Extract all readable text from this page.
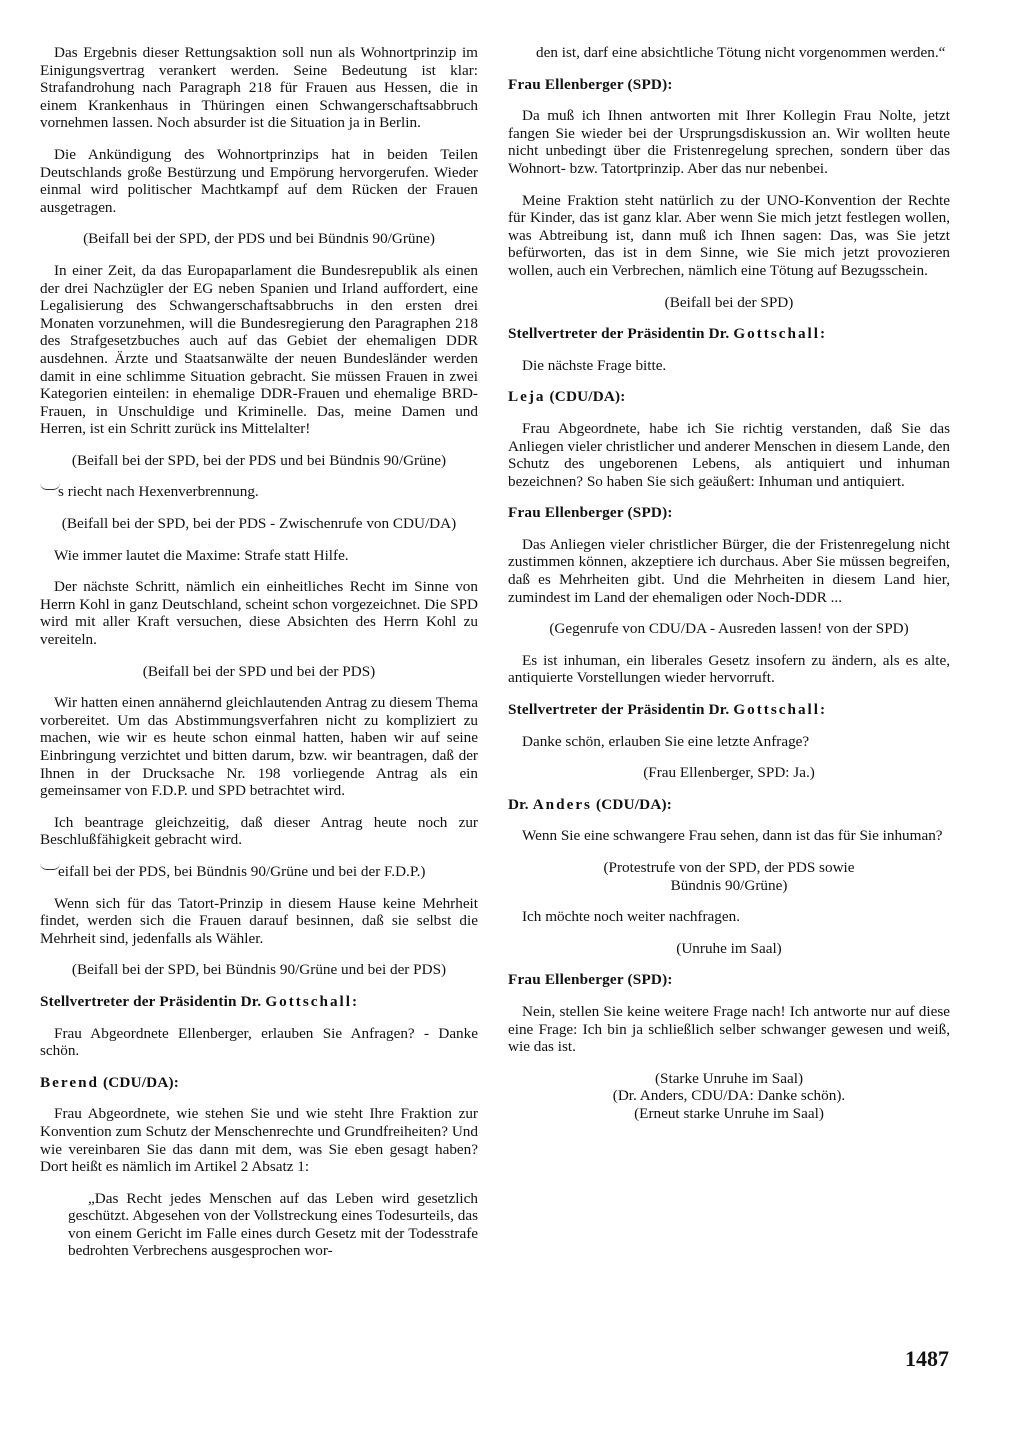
Das Ergebnis dieser Rettungsaktion soll nun als Wohnortprinzip im Einigungsvertrag verankert werden. Seine Bedeutung ist klar: Strafandrohung nach Paragraph 218 für Frauen aus Hessen, die in einem Krankenhaus in Thüringen einen Schwangerschaftsabbruch vornehmen lassen. Noch absurder ist die Situation ja in Berlin.

Die Ankündigung des Wohnortprinzips hat in beiden Teilen Deutschlands große Bestürzung und Empörung hervorgerufen. Wieder einmal wird politischer Machtkampf auf dem Rücken der Frauen ausgetragen.

(Beifall bei der SPD, der PDS und bei Bündnis 90/Grüne)

In einer Zeit, da das Europaparlament die Bundesrepublik als einen der drei Nachzügler der EG neben Spanien und Irland auffordert, eine Legalisierung des Schwangerschaftsabbruchs in den ersten drei Monaten vorzunehmen, will die Bundesregierung den Paragraphen 218 des Strafgesetzbuches auch auf das Gebiet der ehemaligen DDR ausdehnen. Ärzte und Staatsanwälte der neuen Bundesländer werden damit in eine schlimme Situation gebracht. Sie müssen Frauen in zwei Kategorien einteilen: in ehemalige DDR-Frauen und ehemalige BRD-Frauen, in Unschuldige und Kriminelle. Das, meine Damen und Herren, ist ein Schritt zurück ins Mittelalter!

(Beifall bei der SPD, bei der PDS und bei Bündnis 90/Grüne)

s riecht nach Hexenverbrennung.

(Beifall bei der SPD, bei der PDS - Zwischenrufe von CDU/DA)

Wie immer lautet die Maxime: Strafe statt Hilfe.

Der nächste Schritt, nämlich ein einheitliches Recht im Sinne von Herrn Kohl in ganz Deutschland, scheint schon vorgezeichnet. Die SPD wird mit aller Kraft versuchen, diese Absichten des Herrn Kohl zu vereiteln.

(Beifall bei der SPD und bei der PDS)

Wir hatten einen annähernd gleichlautenden Antrag zu diesem Thema vorbereitet. Um das Abstimmungsverfahren nicht zu kompliziert zu machen, wie wir es heute schon einmal hatten, haben wir auf seine Einbringung verzichtet und bitten darum, bzw. wir beantragen, daß der Ihnen in der Drucksache Nr. 198 vorliegende Antrag als ein gemeinsamer von F.D.P. und SPD betrachtet wird.

Ich beantrage gleichzeitig, daß dieser Antrag heute noch zur Beschlußfähigkeit gebracht wird.

eifall bei der PDS, bei Bündnis 90/Grüne und bei der F.D.P.)

Wenn sich für das Tatort-Prinzip in diesem Hause keine Mehrheit findet, werden sich die Frauen darauf besinnen, daß sie selbst die Mehrheit sind, jedenfalls als Wähler.

(Beifall bei der SPD, bei Bündnis 90/Grüne und bei der PDS)

Stellvertreter der Präsidentin Dr. Gottschall:

Frau Abgeordnete Ellenberger, erlauben Sie Anfragen? - Danke schön.

Berend (CDU/DA):

Frau Abgeordnete, wie stehen Sie und wie steht Ihre Fraktion zur Konvention zum Schutz der Menschenrechte und Grundfreiheiten? Und wie vereinbaren Sie das dann mit dem, was Sie eben gesagt haben? Dort heißt es nämlich im Artikel 2 Absatz 1:

„Das Recht jedes Menschen auf das Leben wird gesetzlich geschützt. Abgesehen von der Vollstreckung eines Todesurteils, das von einem Gericht im Falle eines durch Gesetz mit der Todesstrafe bedrohten Verbrechens ausgesprochen wor-

den ist, darf eine absichtliche Tötung nicht vorgenommen werden.“

Frau Ellenberger (SPD):

Da muß ich Ihnen antworten mit Ihrer Kollegin Frau Nolte, jetzt fangen Sie wieder bei der Ursprungsdiskussion an. Wir wollten heute nicht unbedingt über die Fristenregelung sprechen, sondern über das Wohnort- bzw. Tatortprinzip. Aber das nur nebenbei.

Meine Fraktion steht natürlich zu der UNO-Konvention der Rechte für Kinder, das ist ganz klar. Aber wenn Sie mich jetzt festlegen wollen, was Abtreibung ist, dann muß ich Ihnen sagen: Das, was Sie jetzt befürworten, das ist in dem Sinne, wie Sie mich jetzt provozieren wollen, auch ein Verbrechen, nämlich eine Tötung auf Bezugsschein.

(Beifall bei der SPD)

Stellvertreter der Präsidentin Dr. Gottschall:

Die nächste Frage bitte.

Leja (CDU/DA):

Frau Abgeordnete, habe ich Sie richtig verstanden, daß Sie das Anliegen vieler christlicher und anderer Menschen in diesem Lande, den Schutz des ungeborenen Lebens, als antiquiert und inhuman bezeichnen? So haben Sie sich geäußert: Inhuman und antiquiert.

Frau Ellenberger (SPD):

Das Anliegen vieler christlicher Bürger, die der Fristenregelung nicht zustimmen können, akzeptiere ich durchaus. Aber Sie müssen begreifen, daß es Mehrheiten gibt. Und die Mehrheiten in diesem Land hier, zumindest im Land der ehemaligen oder Noch-DDR ...

(Gegenrufe von CDU/DA - Ausreden lassen! von der SPD)

Es ist inhuman, ein liberales Gesetz insofern zu ändern, als es alte, antiquierte Vorstellungen wieder hervorruft.

Stellvertreter der Präsidentin Dr. Gottschall:

Danke schön, erlauben Sie eine letzte Anfrage?

(Frau Ellenberger, SPD: Ja.)

Dr. Anders (CDU/DA):

Wenn Sie eine schwangere Frau sehen, dann ist das für Sie inhuman?

(Protestrufe von der SPD, der PDS sowie

Bündnis 90/Grüne)

Ich möchte noch weiter nachfragen.

(Unruhe im Saal)

Frau Ellenberger (SPD):

Nein, stellen Sie keine weitere Frage nach! Ich antworte nur auf diese eine Frage: Ich bin ja schließlich selber schwanger gewesen und weiß, wie das ist.

(Starke Unruhe im Saal)

(Dr. Anders, CDU/DA: Danke schön).

(Erneut starke Unruhe im Saal)

1487
